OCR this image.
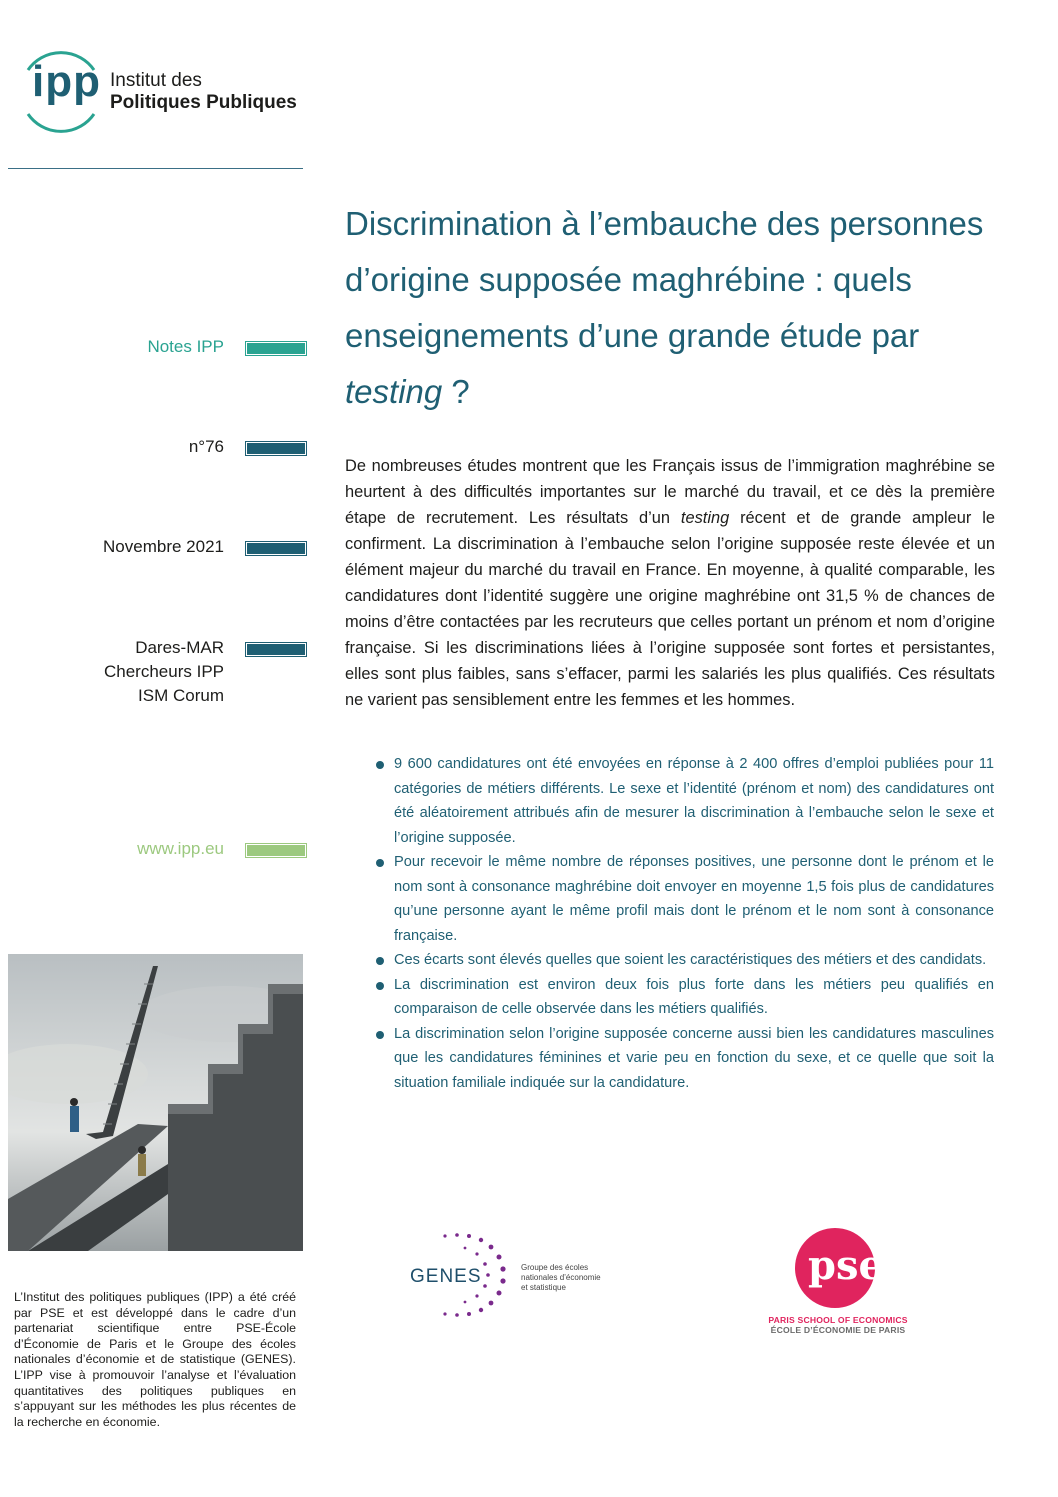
ipp Institut des
Politiques Publiques
Notes IPP
n°76
Novembre 2021
Dares-MAR
Chercheurs IPP
ISM Corum
www.ipp.eu
L’Institut des politiques publiques (IPP) a été créé par PSE et est développé dans le cadre d’un partenariat scientifique entre PSE-École d’Économie de Paris et le Groupe des écoles nationales d’économie et de statistique (GENES). L’IPP vise à promouvoir l’analyse et l’évaluation quantitatives des politiques publiques en s’appuyant sur les méthodes les plus récentes de la recherche en économie.
Discrimination à l’embauche des personnes d’origine supposée maghrébine : quels enseignements d’une grande étude par testing ?

De nombreuses études montrent que les Français issus de l’immigration maghrébine se heurtent à des difficultés importantes sur le marché du travail, et ce dès la première étape de recrutement. Les résultats d’un testing récent et de grande ampleur le confirment. La discrimination à l’embauche selon l’origine supposée reste élevée et un élément majeur du marché du travail en France. En moyenne, à qualité comparable, les candidatures dont l’identité suggère une origine maghrébine ont 31,5 % de chances de moins d’être contactées par les recruteurs que celles portant un prénom et nom d’origine française. Si les discriminations liées à l’origine supposée sont fortes et persistantes, elles sont plus faibles, sans s’effacer, parmi les salariés les plus qualifiés. Ces résultats ne varient pas sensiblement entre les femmes et les hommes.

9 600 candidatures ont été envoyées en réponse à 2 400 offres d’emploi publiées pour 11 catégories de métiers différents. Le sexe et l’identité (prénom et nom) des candidatures ont été aléatoirement attribués afin de mesurer la discrimination à l’embauche selon le sexe et l’origine supposée.
Pour recevoir le même nombre de réponses positives, une personne dont le prénom et le nom sont à consonance maghrébine doit envoyer en moyenne 1,5 fois plus de candidatures qu’une personne ayant le même profil mais dont le prénom et le nom sont à consonance française.
Ces écarts sont élevés quelles que soient les caractéristiques des métiers et des candidats.
La discrimination est environ deux fois plus forte dans les métiers peu qualifiés en comparaison de celle observée dans les métiers qualifiés.
La discrimination selon l’origine supposée concerne aussi bien les candidatures masculines que les candidatures féminines et varie peu en fonction du sexe, et ce quelle que soit la situation familiale indiquée sur la candidature.
GENES	Groupe des écoles
nationales d’économie
et statistique	pse
PARIS SCHOOL OF ECONOMICS
ÉCOLE D’ÉCONOMIE DE PARIS
